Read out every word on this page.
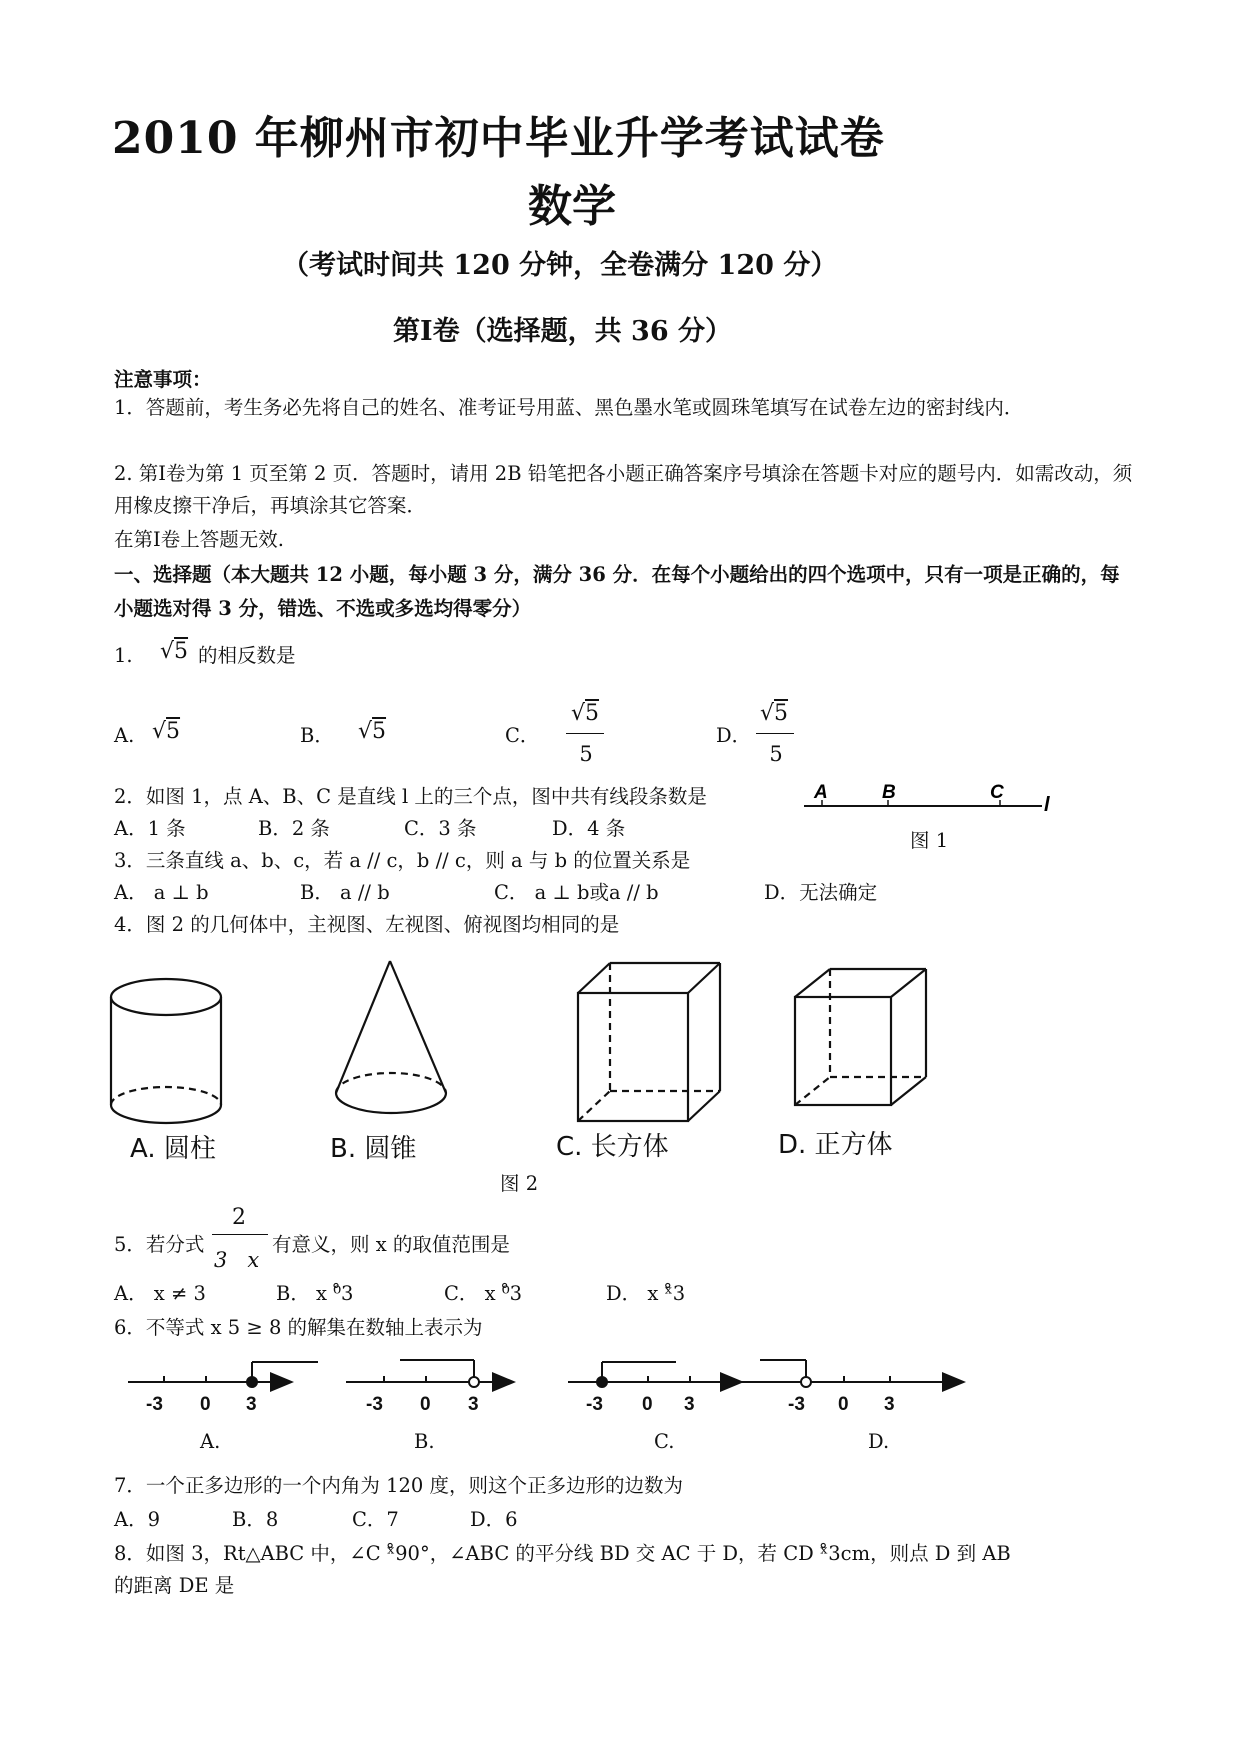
2010 年柳州市初中毕业升学考试试卷
数学
（考试时间共 120 分钟，全卷满分 120 分）
第Ⅰ卷（选择题，共 36 分）
注意事项：
1．答题前，考生务必先将自己的姓名、准考证号用蓝、黑色墨水笔或圆珠笔填写在试卷左边的密封线内．
2. 第Ⅰ卷为第 1 页至第 2 页．答题时，请用 2B 铅笔把各小题正确答案序号填涂在答题卡对应的题号内．如需改动，须用橡皮擦干净后，再填涂其它答案．
在第Ⅰ卷上答题无效.
一、选择题（本大题共 12 小题，每小题 3 分，满分 36 分．在每个小题给出的四个选项中，只有一项是正确的，每小题选对得 3 分，错选、不选或多选均得零分）
1. √5 的相反数是
A. √5	B． √5	C．
√5
5
D．
√5
5
2．如图 1，点 A、B、C 是直线 l 上的三个点，图中共有线段条数是
A．1 条	B．2 条	C．3 条	D．4 条
A	B	C
l
图 1
3．三条直线 a、b、c，若 a // c，b // c，则 a 与 b 的位置关系是
A． a ⊥ b	B． a // b	C． a ⊥ b或a // b	D．无法确定
4．图 2 的几何体中，主视图、左视图、俯视图均相同的是
A. 圆柱	B. 圆锥	C. 长方体	D. 正方体
图 2
5．若分式
2
3   x
有意义，则 x 的取值范围是
A． x ≠ 3	B． x ⁰̊3	C． x ⁰̊3	D． x ˣ̊3
6．不等式 x 5 ≥ 8 的解集在数轴上表示为
-3 0 3	-3 0 3	-3 0 3	-3 0 3
A.	B.	C.	D.
7．一个正多边形的一个内角为 120 度，则这个正多边形的边数为
A．9	B．8	C．7	D．6
8．如图 3，Rt△ABC 中，∠C ˣ̊90°，∠ABC 的平分线 BD 交 AC 于 D，若 CD ˣ̊3cm，则点 D 到 AB
的距离 DE 是
